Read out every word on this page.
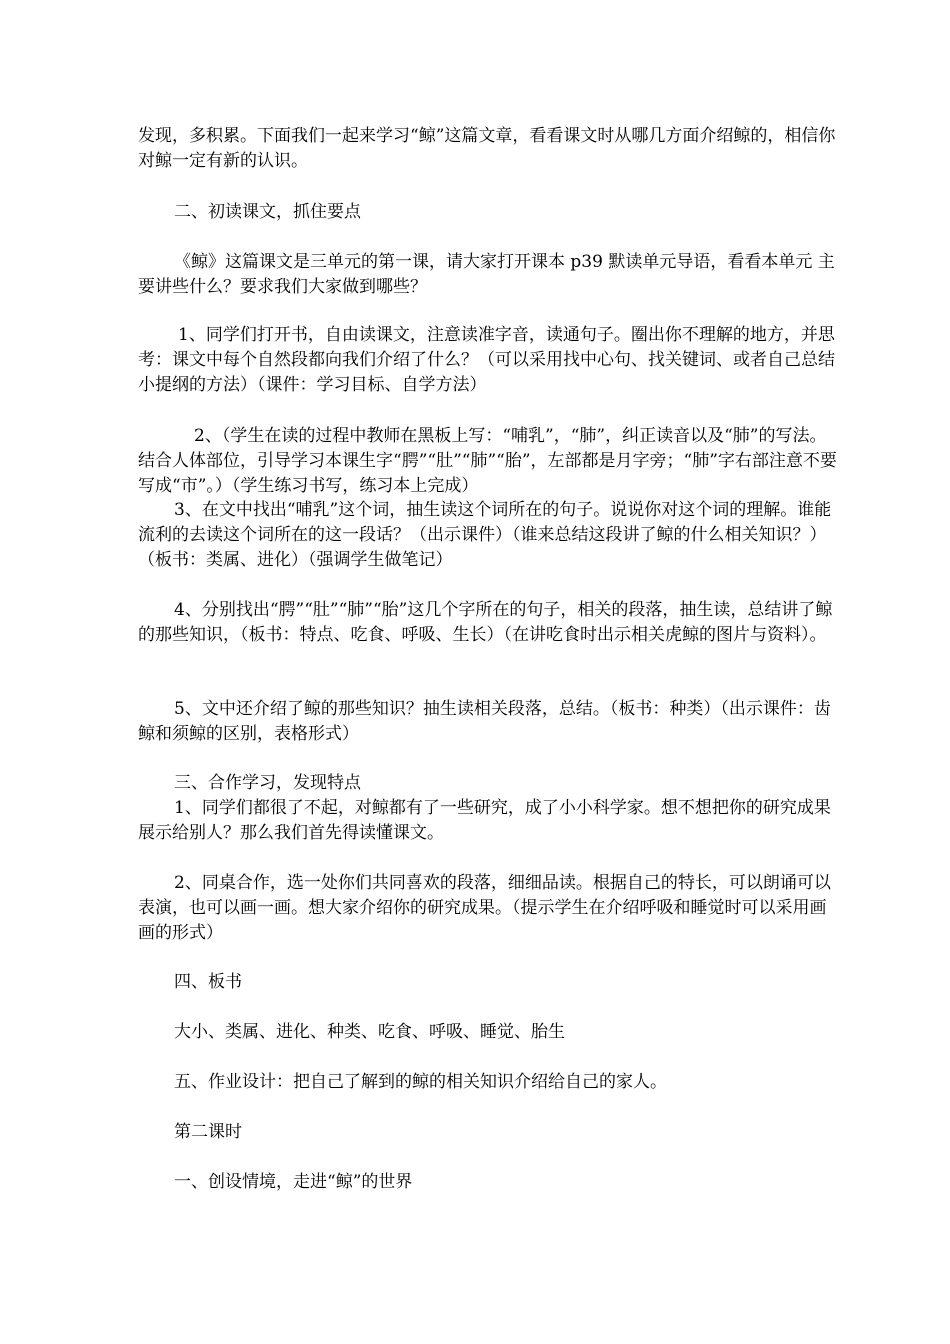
发现，多积累。下面我们一起来学习“鲸”这篇文章，看看课文时从哪几方面介绍鲸的，相信你对鲸一定有新的认识。

二、初读课文，抓住要点

《鲸》这篇课文是三单元的第一课，请大家打开课本 p39 默读单元导语，看看本单元 主要讲些什么？要求我们大家做到哪些？

1、同学们打开书，自由读课文，注意读准字音，读通句子。圈出你不理解的地方，并思考：课文中每个自然段都向我们介绍了什么？（可以采用找中心句、找关键词、或者自己总结小提纲的方法）（课件：学习目标、自学方法）

2、（学生在读的过程中教师在黑板上写：“哺乳”，“肺”，纠正读音以及“肺”的写法。结合人体部位，引导学习本课生字“腭”“肚”“肺”“胎”，左部都是月字旁；“肺”字右部注意不要写成“市”。）（学生练习书写，练习本上完成）

3、在文中找出“哺乳”这个词，抽生读这个词所在的句子。说说你对这个词的理解。谁能流利的去读这个词所在的这一段话？（出示课件）（谁来总结这段讲了鲸的什么相关知识？）（板书：类属、进化）（强调学生做笔记）

4、分别找出“腭”“肚”“肺”“胎”这几个字所在的句子，相关的段落，抽生读，总结讲了鲸的那些知识，（板书：特点、吃食、呼吸、生长）（在讲吃食时出示相关虎鲸的图片与资料）。

5、文中还介绍了鲸的那些知识？抽生读相关段落，总结。（板书：种类）（出示课件：齿鲸和须鲸的区别，表格形式）

三、合作学习，发现特点

1、同学们都很了不起，对鲸都有了一些研究，成了小小科学家。想不想把你的研究成果展示给别人？那么我们首先得读懂课文。

2、同桌合作，选一处你们共同喜欢的段落，细细品读。根据自己的特长，可以朗诵可以表演，也可以画一画。想大家介绍你的研究成果。（提示学生在介绍呼吸和睡觉时可以采用画画的形式）

四、板书

大小、类属、进化、种类、吃食、呼吸、睡觉、胎生

五、作业设计：把自己了解到的鲸的相关知识介绍给自己的家人。

第二课时

一、创设情境，走进“鲸”的世界
